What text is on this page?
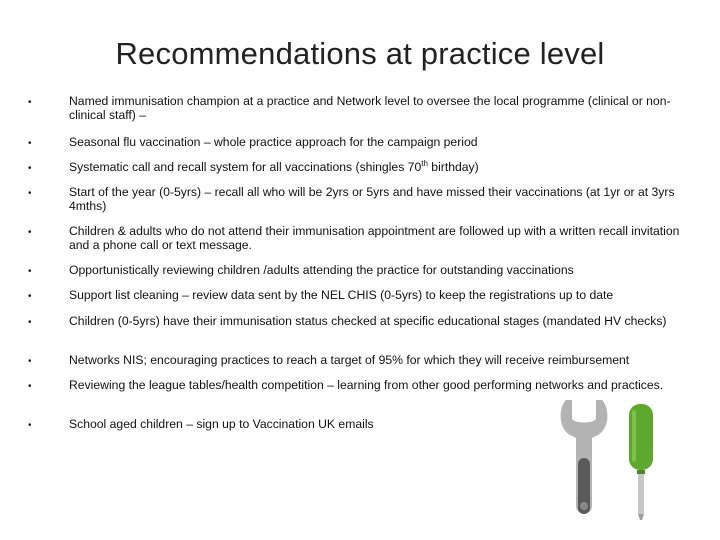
Recommendations at practice level
•	Named immunisation champion at a practice and Network level to oversee the local programme (clinical or non-clinical staff) –
•	Seasonal flu vaccination – whole practice approach for the campaign period
•	Systematic call and recall system for all vaccinations (shingles 70th birthday)
•	Start of the year (0-5yrs) – recall all who will be 2yrs or 5yrs and have missed their vaccinations (at 1yr or at 3yrs 4mths)
•	Children & adults who do not attend their immunisation appointment are followed up with a written recall invitation and a phone call or text message.
•	Opportunistically reviewing children /adults attending the practice for outstanding vaccinations
•	Support list cleaning – review data sent by the NEL CHIS (0-5yrs) to keep the registrations up to date
•	Children (0-5yrs) have their immunisation status checked at specific educational stages (mandated HV checks)
•	Networks NIS; encouraging practices to reach a target of 95% for which they will receive reimbursement
•	Reviewing the league tables/health competition – learning from other good performing networks and practices.
•	School aged children – sign up to Vaccination UK emails
